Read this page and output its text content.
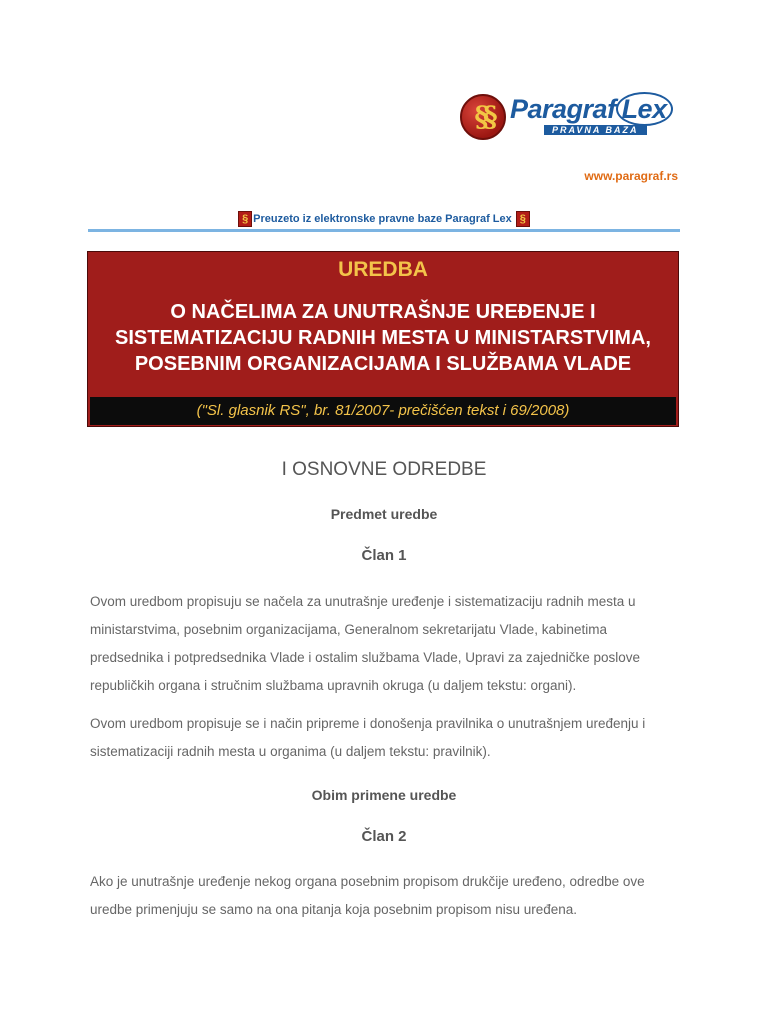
§§ Paragraf Lex
PRAVNA BAZA
www.paragraf.rs
§ Preuzeto iz elektronske pravne baze Paragraf Lex §
UREDBA
O NAČELIMA ZA UNUTRAŠNJE UREĐENJE I
SISTEMATIZACIJU RADNIH MESTA U MINISTARSTVIMA,
POSEBNIM ORGANIZACIJAMA I SLUŽBAMA VLADE
("Sl. glasnik RS", br. 81/2007- prečišćen tekst i 69/2008)
I OSNOVNE ODREDBE
Predmet uredbe
Član 1
Ovom uredbom propisuju se načela za unutrašnje uređenje i sistematizaciju radnih mesta u ministarstvima, posebnim organizacijama, Generalnom sekretarijatu Vlade, kabinetima predsednika i potpredsednika Vlade i ostalim službama Vlade, Upravi za zajedničke poslove republičkih organa i stručnim službama upravnih okruga (u daljem tekstu: organi).
Ovom uredbom propisuje se i način pripreme i donošenja pravilnika o unutrašnjem uređenju i sistematizaciji radnih mesta u organima (u daljem tekstu: pravilnik).
Obim primene uredbe
Član 2
Ako je unutrašnje uređenje nekog organa posebnim propisom drukčije uređeno, odredbe ove uredbe primenjuju se samo na ona pitanja koja posebnim propisom nisu uređena.
